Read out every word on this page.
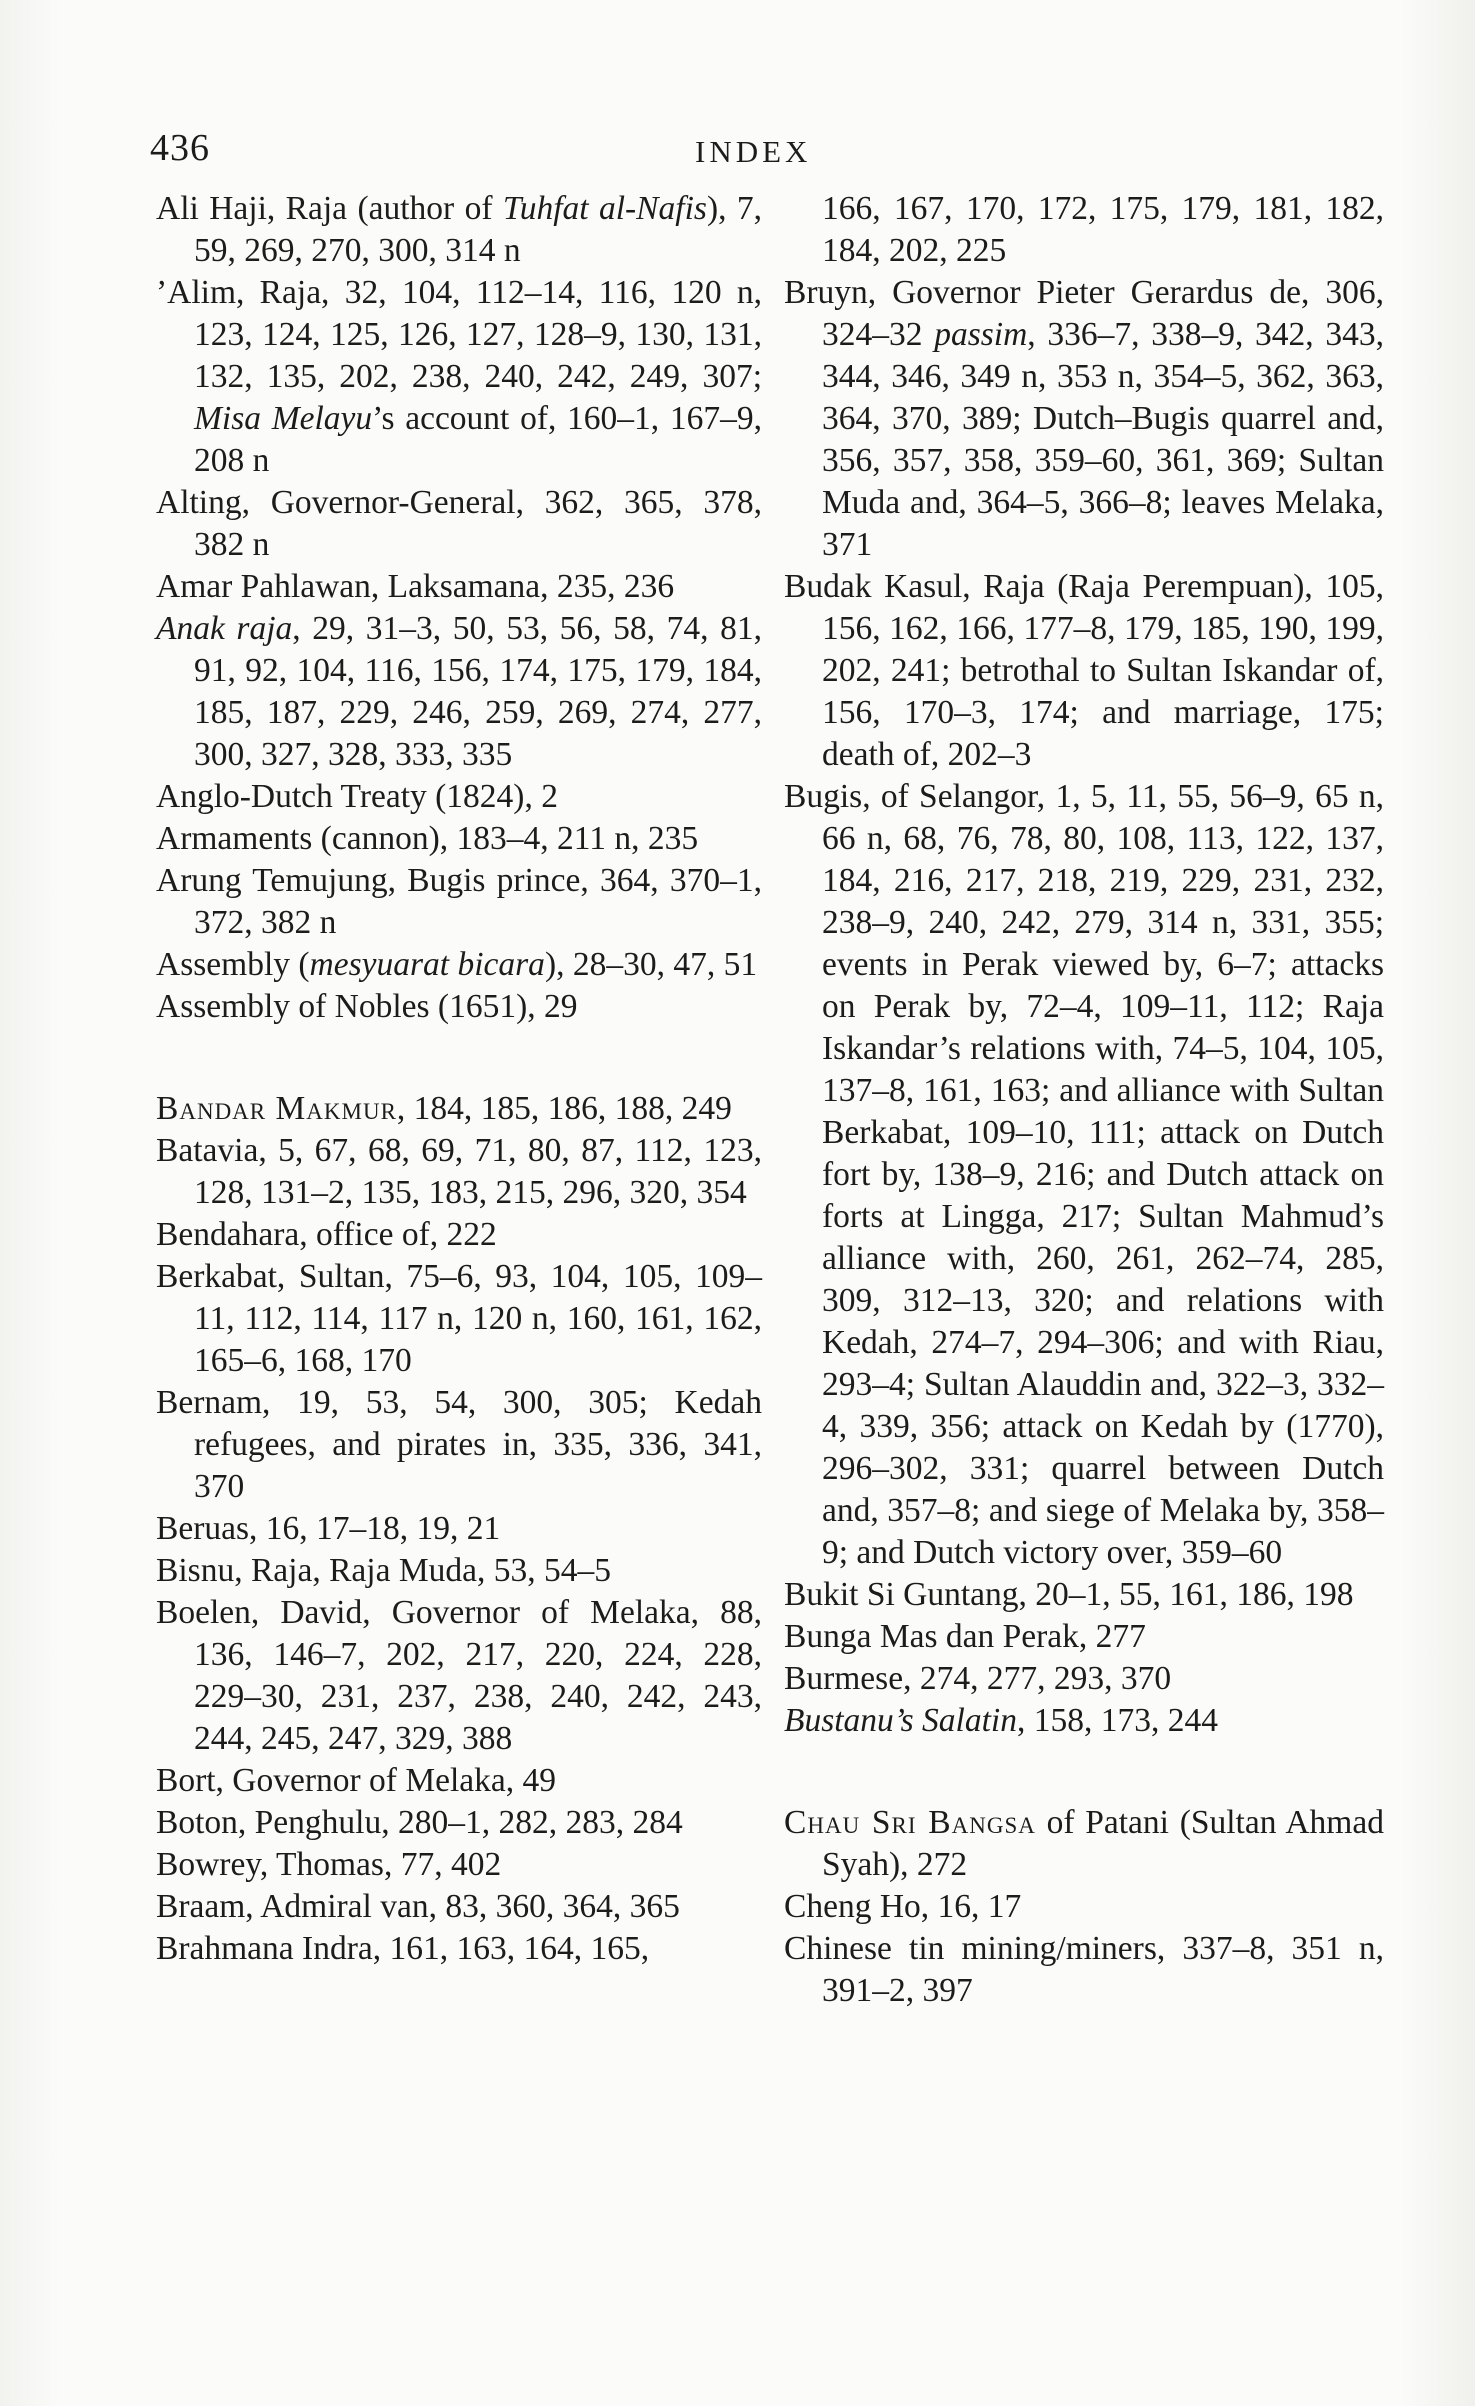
436	INDEX

Ali Haji, Raja (author of Tuhfat al-Nafis), 7, 59, 269, 270, 300, 314 n

’Alim, Raja, 32, 104, 112–14, 116, 120 n, 123, 124, 125, 126, 127, 128–9, 130, 131, 132, 135, 202, 238, 240, 242, 249, 307; Misa Melayu’s account of, 160–1, 167–9, 208 n

Alting, Governor-General, 362, 365, 378, 382 n

Amar Pahlawan, Laksamana, 235, 236

Anak raja, 29, 31–3, 50, 53, 56, 58, 74, 81, 91, 92, 104, 116, 156, 174, 175, 179, 184, 185, 187, 229, 246, 259, 269, 274, 277, 300, 327, 328, 333, 335

Anglo-Dutch Treaty (1824), 2

Armaments (cannon), 183–4, 211 n, 235

Arung Temujung, Bugis prince, 364, 370–1, 372, 382 n

Assembly (mesyuarat bicara), 28–30, 47, 51

Assembly of Nobles (1651), 29

Bandar Makmur, 184, 185, 186, 188, 249

Batavia, 5, 67, 68, 69, 71, 80, 87, 112, 123, 128, 131–2, 135, 183, 215, 296, 320, 354

Bendahara, office of, 222

Berkabat, Sultan, 75–6, 93, 104, 105, 109–11, 112, 114, 117 n, 120 n, 160, 161, 162, 165–6, 168, 170

Bernam, 19, 53, 54, 300, 305; Kedah refugees, and pirates in, 335, 336, 341, 370

Beruas, 16, 17–18, 19, 21

Bisnu, Raja, Raja Muda, 53, 54–5

Boelen, David, Governor of Melaka, 88, 136, 146–7, 202, 217, 220, 224, 228, 229–30, 231, 237, 238, 240, 242, 243, 244, 245, 247, 329, 388

Bort, Governor of Melaka, 49

Boton, Penghulu, 280–1, 282, 283, 284

Bowrey, Thomas, 77, 402

Braam, Admiral van, 83, 360, 364, 365

Brahmana Indra, 161, 163, 164, 165,

166, 167, 170, 172, 175, 179, 181, 182, 184, 202, 225

Bruyn, Governor Pieter Gerardus de, 306, 324–32 passim, 336–7, 338–9, 342, 343, 344, 346, 349 n, 353 n, 354–5, 362, 363, 364, 370, 389; Dutch–Bugis quarrel and, 356, 357, 358, 359–60, 361, 369; Sultan Muda and, 364–5, 366–8; leaves Melaka, 371

Budak Kasul, Raja (Raja Perempuan), 105, 156, 162, 166, 177–8, 179, 185, 190, 199, 202, 241; betrothal to Sultan Iskandar of, 156, 170–3, 174; and marriage, 175; death of, 202–3

Bugis, of Selangor, 1, 5, 11, 55, 56–9, 65 n, 66 n, 68, 76, 78, 80, 108, 113, 122, 137, 184, 216, 217, 218, 219, 229, 231, 232, 238–9, 240, 242, 279, 314 n, 331, 355; events in Perak viewed by, 6–7; attacks on Perak by, 72–4, 109–11, 112; Raja Iskandar’s relations with, 74–5, 104, 105, 137–8, 161, 163; and alliance with Sultan Berkabat, 109–10, 111; attack on Dutch fort by, 138–9, 216; and Dutch attack on forts at Lingga, 217; Sultan Mahmud’s alliance with, 260, 261, 262–74, 285, 309, 312–13, 320; and relations with Kedah, 274–7, 294–306; and with Riau, 293–4; Sultan Alauddin and, 322–3, 332–4, 339, 356; attack on Kedah by (1770), 296–302, 331; quarrel between Dutch and, 357–8; and siege of Melaka by, 358–9; and Dutch victory over, 359–60

Bukit Si Guntang, 20–1, 55, 161, 186, 198

Bunga Mas dan Perak, 277

Burmese, 274, 277, 293, 370

Bustanu’s Salatin, 158, 173, 244

Chau Sri Bangsa of Patani (Sultan Ahmad Syah), 272

Cheng Ho, 16, 17

Chinese tin mining/miners, 337–8, 351 n, 391–2, 397
